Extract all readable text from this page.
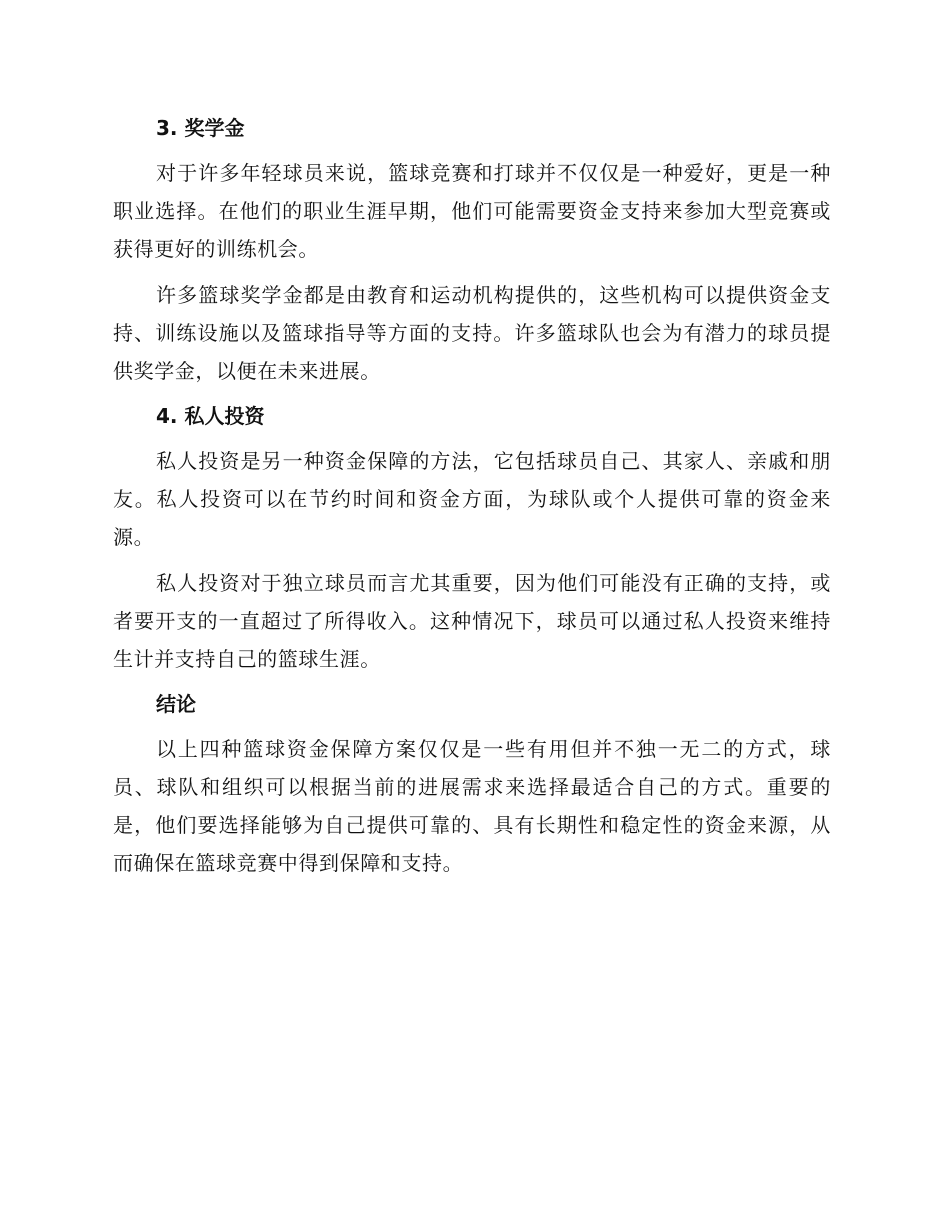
3. 奖学金

对于许多年轻球员来说，篮球竞赛和打球并不仅仅是一种爱好，更是一种职业选择。在他们的职业生涯早期，他们可能需要资金支持来参加大型竞赛或获得更好的训练机会。

许多篮球奖学金都是由教育和运动机构提供的，这些机构可以提供资金支持、训练设施以及篮球指导等方面的支持。许多篮球队也会为有潜力的球员提供奖学金，以便在未来进展。

4. 私人投资

私人投资是另一种资金保障的方法，它包括球员自己、其家人、亲戚和朋友。私人投资可以在节约时间和资金方面，为球队或个人提供可靠的资金来源。

私人投资对于独立球员而言尤其重要，因为他们可能没有正确的支持，或者要开支的一直超过了所得收入。这种情况下，球员可以通过私人投资来维持生计并支持自己的篮球生涯。

结论

以上四种篮球资金保障方案仅仅是一些有用但并不独一无二的方式，球员、球队和组织可以根据当前的进展需求来选择最适合自己的方式。重要的是，他们要选择能够为自己提供可靠的、具有长期性和稳定性的资金来源，从而确保在篮球竞赛中得到保障和支持。
